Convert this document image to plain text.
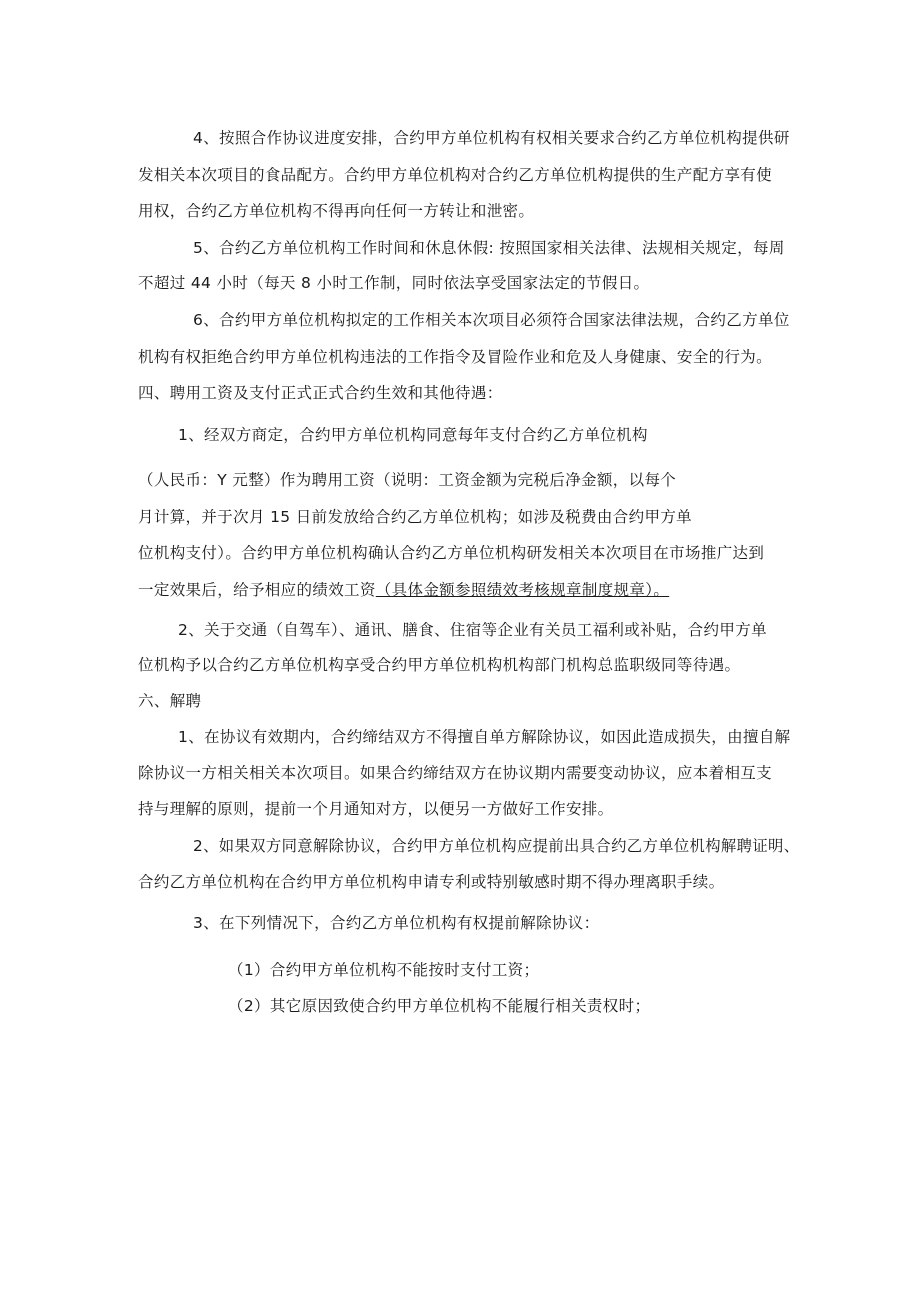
4、按照合作协议进度安排，合约甲方单位机构有权相关要求合约乙方单位机构提供研
发相关本次项目的食品配方。合约甲方单位机构对合约乙方单位机构提供的生产配方享有使
用权，合约乙方单位机构不得再向任何一方转让和泄密。
5、合约乙方单位机构工作时间和休息休假: 按照国家相关法律、法规相关规定，每周
不超过 44 小时（每天 8 小时工作制，同时依法享受国家法定的节假日。
6、合约甲方单位机构拟定的工作相关本次项目必须符合国家法律法规，合约乙方单位
机构有权拒绝合约甲方单位机构违法的工作指令及冒险作业和危及人身健康、安全的行为。
四、聘用工资及支付正式正式合约生效和其他待遇：
1、经双方商定，合约甲方单位机构同意每年支付合约乙方单位机构
（人民币：Y 元整）作为聘用工资（说明：工资金额为完税后净金额，以每个
月计算，并于次月 15 日前发放给合约乙方单位机构；如涉及税费由合约甲方单
位机构支付）。合约甲方单位机构确认合约乙方单位机构研发相关本次项目在市场推广达到
一定效果后，给予相应的绩效工资（具体金额参照绩效考核规章制度规章）。
2、关于交通（自驾车）、通讯、膳食、住宿等企业有关员工福利或补贴，合约甲方单
位机构予以合约乙方单位机构享受合约甲方单位机构机构部门机构总监职级同等待遇。
六、解聘
1、在协议有效期内，合约缔结双方不得擅自单方解除协议，如因此造成损失，由擅自解
除协议一方相关相关本次项目。如果合约缔结双方在协议期内需要变动协议，应本着相互支
持与理解的原则，提前一个月通知对方，以便另一方做好工作安排。
2、如果双方同意解除协议，合约甲方单位机构应提前出具合约乙方单位机构解聘证明、
合约乙方单位机构在合约甲方单位机构申请专利或特别敏感时期不得办理离职手续。
3、在下列情况下，合约乙方单位机构有权提前解除协议：
（1）合约甲方单位机构不能按时支付工资；
（2）其它原因致使合约甲方单位机构不能履行相关责权时；
